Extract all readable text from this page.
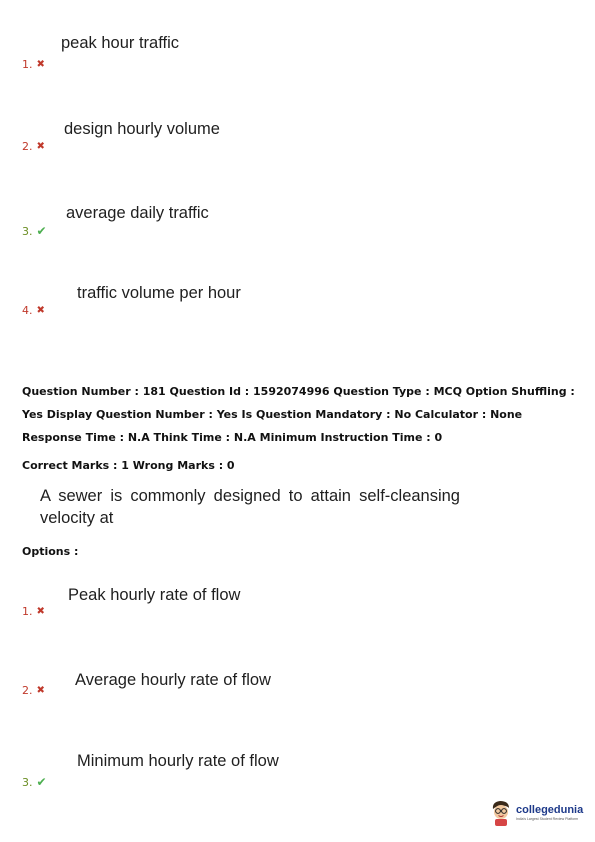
peak hour traffic
1. ✖
design hourly volume
2. ✖
average daily traffic
3. ✔
traffic volume per hour
4. ✖
Question Number : 181 Question Id : 1592074996 Question Type : MCQ Option Shuffling : Yes Display Question Number : Yes Is Question Mandatory : No Calculator : None Response Time : N.A Think Time : N.A Minimum Instruction Time : 0
Correct Marks : 1 Wrong Marks : 0
A sewer is commonly designed to attain self-cleansing velocity at
Options :
Peak hourly rate of flow
1. ✖
Average hourly rate of flow
2. ✖
Minimum hourly rate of flow
3. ✔
collegedunia
India's Largest Student Review Platform
